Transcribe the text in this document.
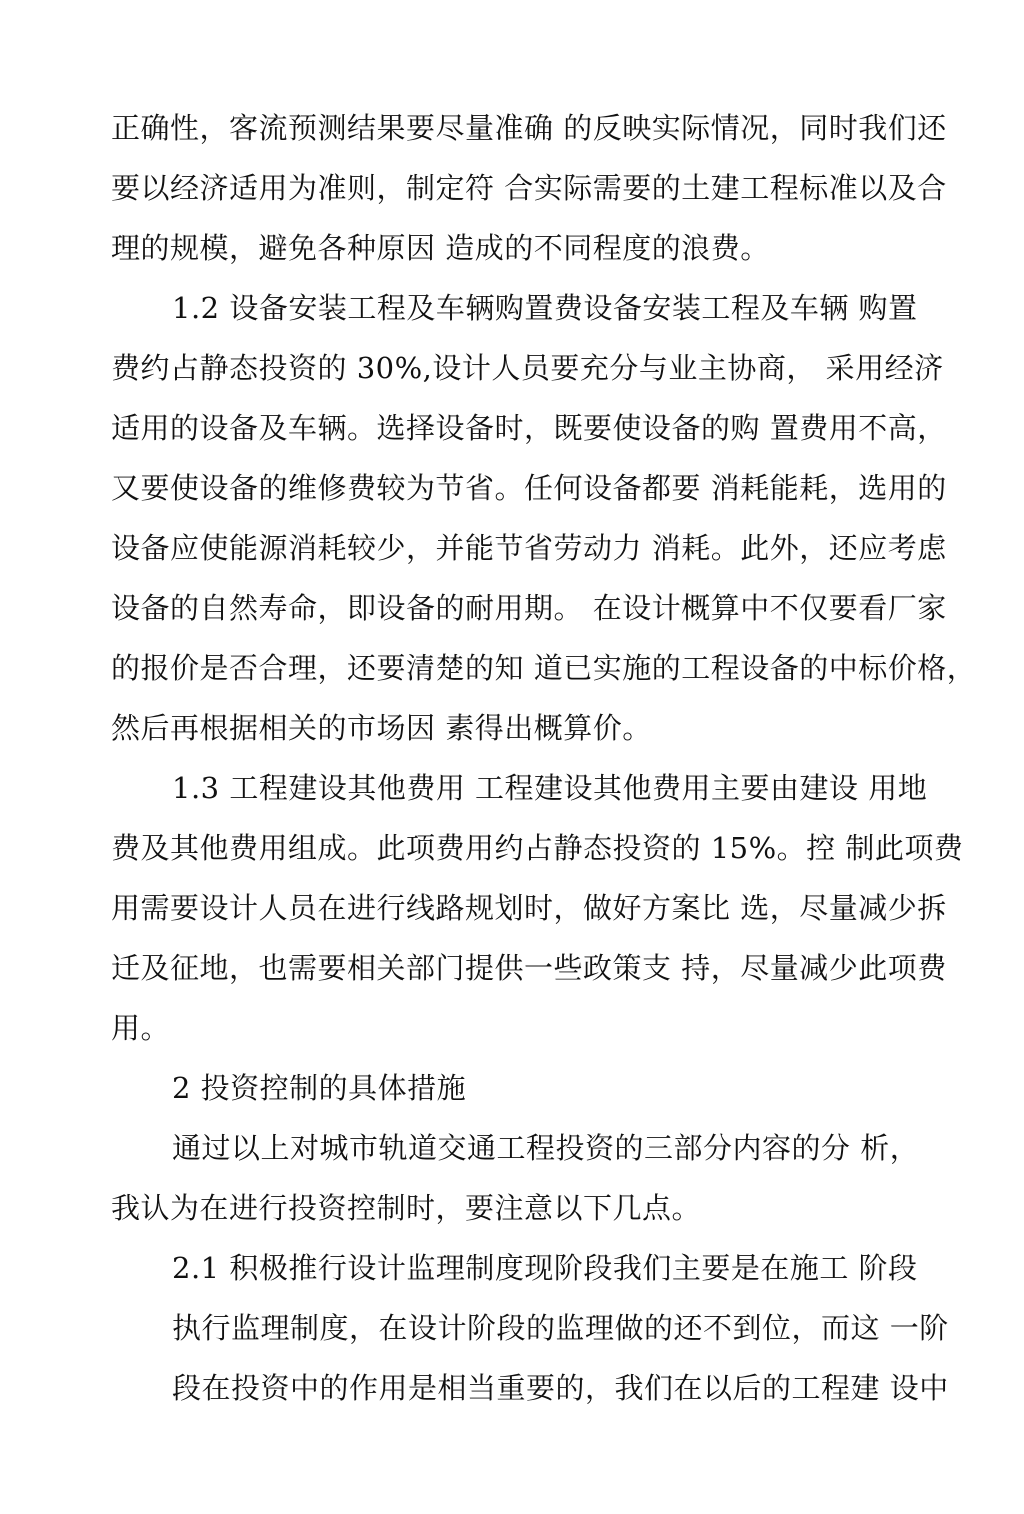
正确性，客流预测结果要尽量准确 的反映实际情况，同时我们还
要以经济适用为准则，制定符 合实际需要的土建工程标准以及合
理的规模，避免各种原因 造成的不同程度的浪费。
1.2 设备安装工程及车辆购置费设备安装工程及车辆 购置
费约占静态投资的 30%,设计人员要充分与业主协商， 采用经济
适用的设备及车辆。选择设备时，既要使设备的购 置费用不高，
又要使设备的维修费较为节省。任何设备都要 消耗能耗，选用的
设备应使能源消耗较少，并能节省劳动力 消耗。此外，还应考虑
设备的自然寿命，即设备的耐用期。 在设计概算中不仅要看厂家
的报价是否合理，还要清楚的知 道已实施的工程设备的中标价格，
然后再根据相关的市场因 素得出概算价。
1.3 工程建设其他费用 工程建设其他费用主要由建设 用地
费及其他费用组成。此项费用约占静态投资的 15%。控 制此项费
用需要设计人员在进行线路规划时，做好方案比 选，尽量减少拆
迁及征地，也需要相关部门提供一些政策支 持，尽量减少此项费
用。
2 投资控制的具体措施
通过以上对城市轨道交通工程投资的三部分内容的分 析，
我认为在进行投资控制时，要注意以下几点。
2.1 积极推行设计监理制度现阶段我们主要是在施工 阶段
执行监理制度，在设计阶段的监理做的还不到位，而这 一阶
段在投资中的作用是相当重要的，我们在以后的工程建 设中
